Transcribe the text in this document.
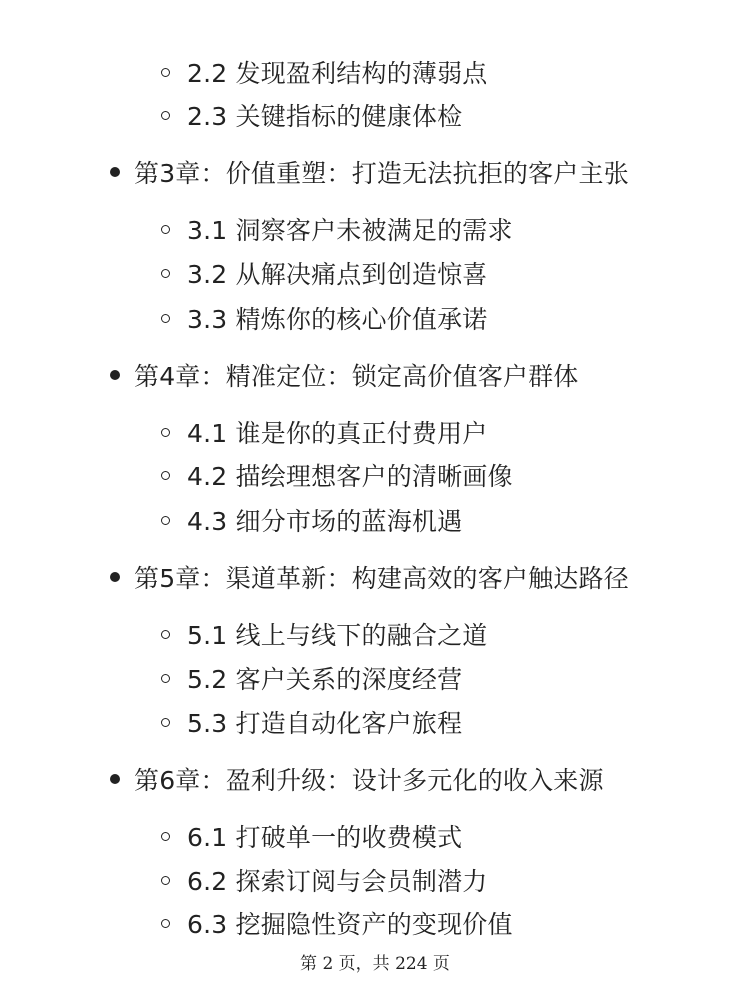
2.2 发现盈利结构的薄弱点
2.3 关键指标的健康体检
第3章：价值重塑：打造无法抗拒的客户主张
3.1 洞察客户未被满足的需求
3.2 从解决痛点到创造惊喜
3.3 精炼你的核心价值承诺
第4章：精准定位：锁定高价值客户群体
4.1 谁是你的真正付费用户
4.2 描绘理想客户的清晰画像
4.3 细分市场的蓝海机遇
第5章：渠道革新：构建高效的客户触达路径
5.1 线上与线下的融合之道
5.2 客户关系的深度经营
5.3 打造自动化客户旅程
第6章：盈利升级：设计多元化的收入来源
6.1 打破单一的收费模式
6.2 探索订阅与会员制潜力
6.3 挖掘隐性资产的变现价值
第 2 页，共 224 页
